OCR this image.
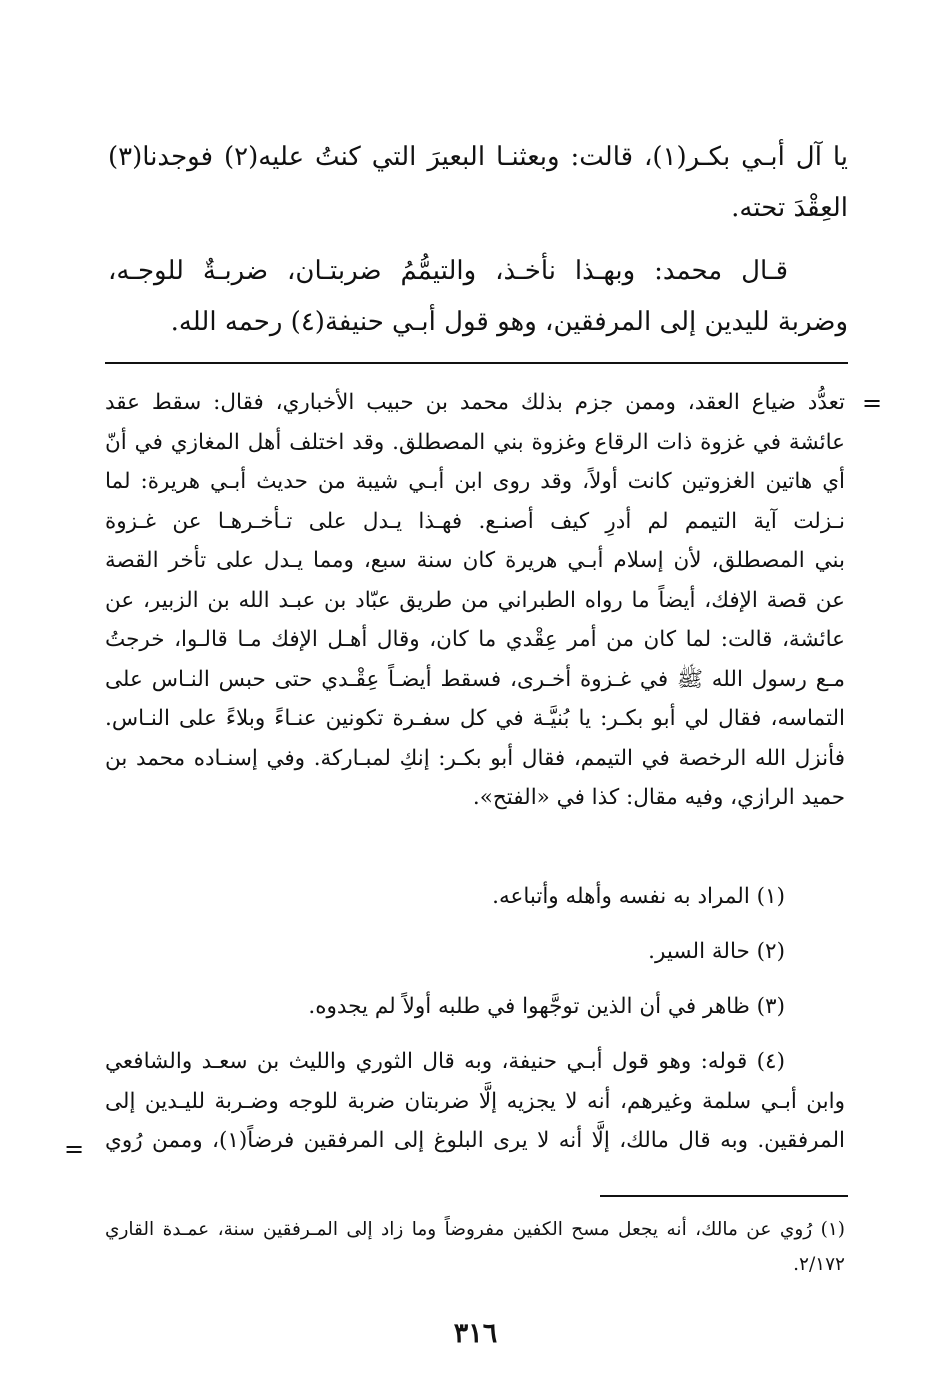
يا آل أبـي بكـر(١)، قالت: وبعثنـا البعيرَ التي كنتُ عليه(٢) فوجدنا(٣)
العِقْدَ تحته.
قـال محمد: وبهـذا نأخـذ، والتيمُّمُ ضربتـان، ضربـةٌ للوجـه،
وضربة لليدين إلى المرفقين، وهو قول أبـي حنيفة(٤) رحمه الله.
=
تعدُّد ضياع العقد، وممن جزم بذلك محمد بن حبيب الأخباري، فقال: سقط عقد
عائشة في غزوة ذات الرقاع وغزوة بني المصطلق. وقد اختلف أهل المغازي في أنّ
أي هاتين الغزوتين كانت أولاً، وقد روى ابن أبـي شيبة من حديث أبـي هريرة: لما
نـزلت آية التيمم لم أدرِ كيف أصنـع. فهـذا يـدل على تـأخـرهـا عن غـزوة
بني المصطلق، لأن إسلام أبـي هريرة كان سنة سبع، ومما يـدل على تأخر القصة
عن قصة الإفك، أيضاً ما رواه الطبراني من طريق عبّاد بن عبـد الله بن الزبير، عن
عائشة، قالت: لما كان من أمر عِقْدي ما كان، وقال أهـل الإفك مـا قالـوا، خرجتُ
مـع رسول الله ﷺ في غـزوة أخـرى، فسقط أيضـاً عِقْـدي حتى حبس النـاس على
التماسه، فقال لي أبو بكـر: يا بُنيَّـة في كل سفـرة تكونين عنـاءً وبلاءً على النـاس.
فأنزل الله الرخصة في التيمم، فقال أبو بكـر: إنكِ لمبـاركة. وفي إسنـاده محمد بن
حميد الرازي، وفيه مقال: كذا في «الفتح».
(١) المراد به نفسه وأهله وأتباعه.
(٢) حالة السير.
(٣) ظاهر في أن الذين توجَّهوا في طلبه أولاً لم يجدوه.
(٤) قوله: وهو قول أبـي حنيفة، وبه قال الثوري والليث بن سعـد والشافعي
وابن أبـي سلمة وغيرهم، أنه لا يجزيه إلَّا ضربتان ضربة للوجه وضـربة لليـدين إلى
المرفقين. وبه قال مالك، إلَّا أنه لا يرى البلوغ إلى المرفقين فرضاً(١)، وممن رُوي
=
(١) رُوي عن مالك، أنه يجعل مسح الكفين مفروضاً وما زاد إلى المـرفقين سنة، عمـدة القاري
٢/١٧٢.
٣١٦
